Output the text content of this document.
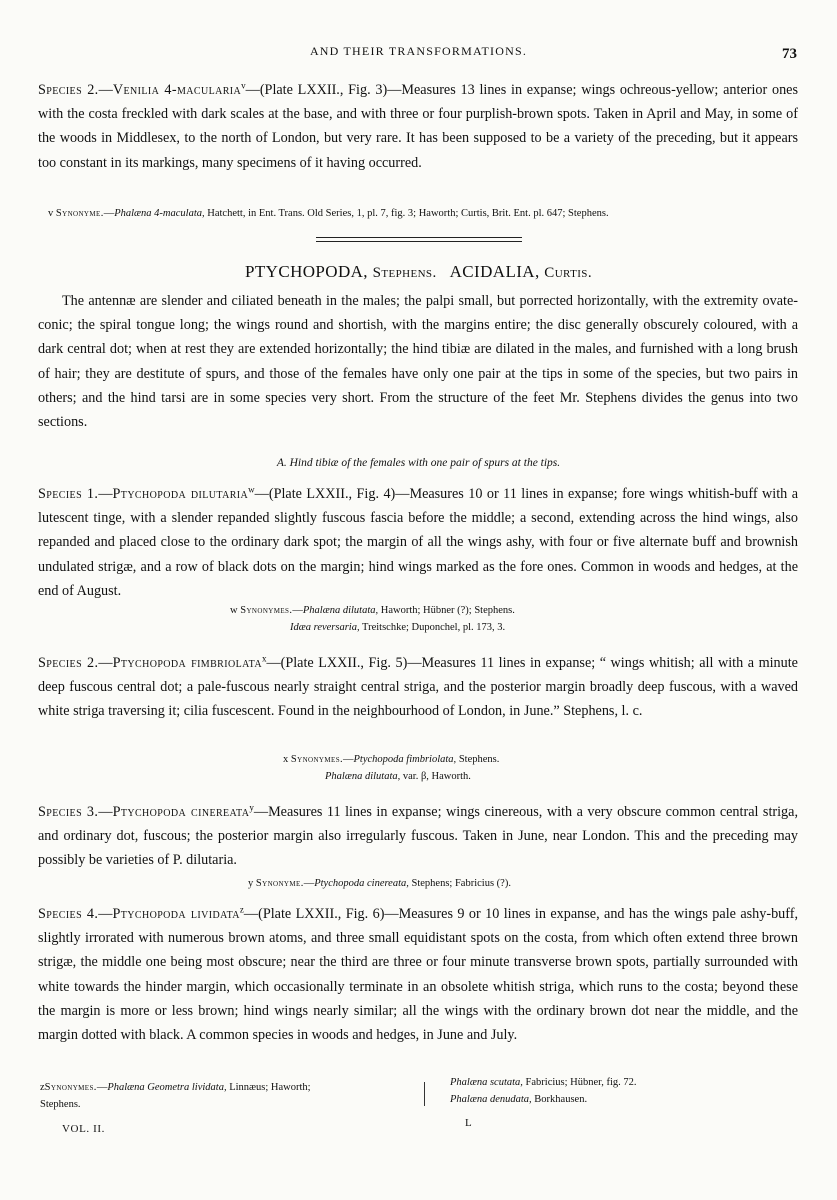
AND THEIR TRANSFORMATIONS.	73

Species 2.—Venilia 4-macularia$^v$—(Plate LXXII., Fig. 3)—Measures 13 lines in expanse; wings ochreous-yellow; anterior ones with the costa freckled with dark scales at the base, and with three or four purplish-brown spots. Taken in April and May, in some of the woods in Middlesex, to the north of London, but very rare. It has been supposed to be a variety of the preceding, but it appears too constant in its markings, many specimens of it having occurred.

v Synonyme.—Phalæna 4-maculata, Hatchett, in Ent. Trans. Old Series, 1, pl. 7, fig. 3; Haworth; Curtis, Brit. Ent. pl. 647; Stephens.
PTYCHOPODA, Stephens. ACIDALIA, Curtis.

The antennæ are slender and ciliated beneath in the males; the palpi small, but porrected horizontally, with the extremity ovate-conic; the spiral tongue long; the wings round and shortish, with the margins entire; the disc generally obscurely coloured, with a dark central dot; when at rest they are extended horizontally; the hind tibiæ are dilated in the males, and furnished with a long brush of hair; they are destitute of spurs, and those of the females have only one pair at the tips in some of the species, but two pairs in others; and the hind tarsi are in some species very short. From the structure of the feet Mr. Stephens divides the genus into two sections.

A. Hind tibiæ of the females with one pair of spurs at the tips.

Species 1.—Ptychopoda dilutaria$^w$—(Plate LXXII., Fig. 4)—Measures 10 or 11 lines in expanse; fore wings whitish-buff with a lutescent tinge, with a slender repanded slightly fuscous fascia before the middle; a second, extending across the hind wings, also repanded and placed close to the ordinary dark spot; the margin of all the wings ashy, with four or five alternate buff and brownish undulated strigæ, and a row of black dots on the margin; hind wings marked as the fore ones. Common in woods and hedges, at the end of August.

w Synonymes.—Phalæna dilutata, Haworth; Hübner (?); Stephens.
Idæa reversaria, Treitschke; Duponchel, pl. 173, 3.

Species 2.—Ptychopoda fimbriolata$^x$—(Plate LXXII., Fig. 5)—Measures 11 lines in expanse; “ wings whitish; all with a minute deep fuscous central dot; a pale-fuscous nearly straight central striga, and the posterior margin broadly deep fuscous, with a waved white striga traversing it; cilia fuscescent. Found in the neighbourhood of London, in June.” Stephens, l. c.

x Synonymes.—Ptychopoda fimbriolata, Stephens.
Phalæna dilutata, var. β, Haworth.

Species 3.—Ptychopoda cinereata$^y$—Measures 11 lines in expanse; wings cinereous, with a very obscure common central striga, and ordinary dot, fuscous; the posterior margin also irregularly fuscous. Taken in June, near London. This and the preceding may possibly be varieties of P. dilutaria.

y Synonyme.—Ptychopoda cinereata, Stephens; Fabricius (?).

Species 4.—Ptychopoda lividata$^z$—(Plate LXXII., Fig. 6)—Measures 9 or 10 lines in expanse, and has the wings pale ashy-buff, slightly irrorated with numerous brown atoms, and three small equidistant spots on the costa, from which often extend three brown strigæ, the middle one being most obscure; near the third are three or four minute transverse brown spots, partially surrounded with white towards the hinder margin, which occasionally terminate in an obsolete whitish striga, which runs to the costa; beyond these the margin is more or less brown; hind wings nearly similar; all the wings with the ordinary brown dot near the middle, and the margin dotted with black. A common species in woods and hedges, in June and July.

zSynonymes.—Phalæna Geometra lividata, Linnæus; Haworth;
Stephens.
Phalæna scutata, Fabricius; Hübner, fig. 72.
Phalæna denudata, Borkhausen.
VOL. II.	L
